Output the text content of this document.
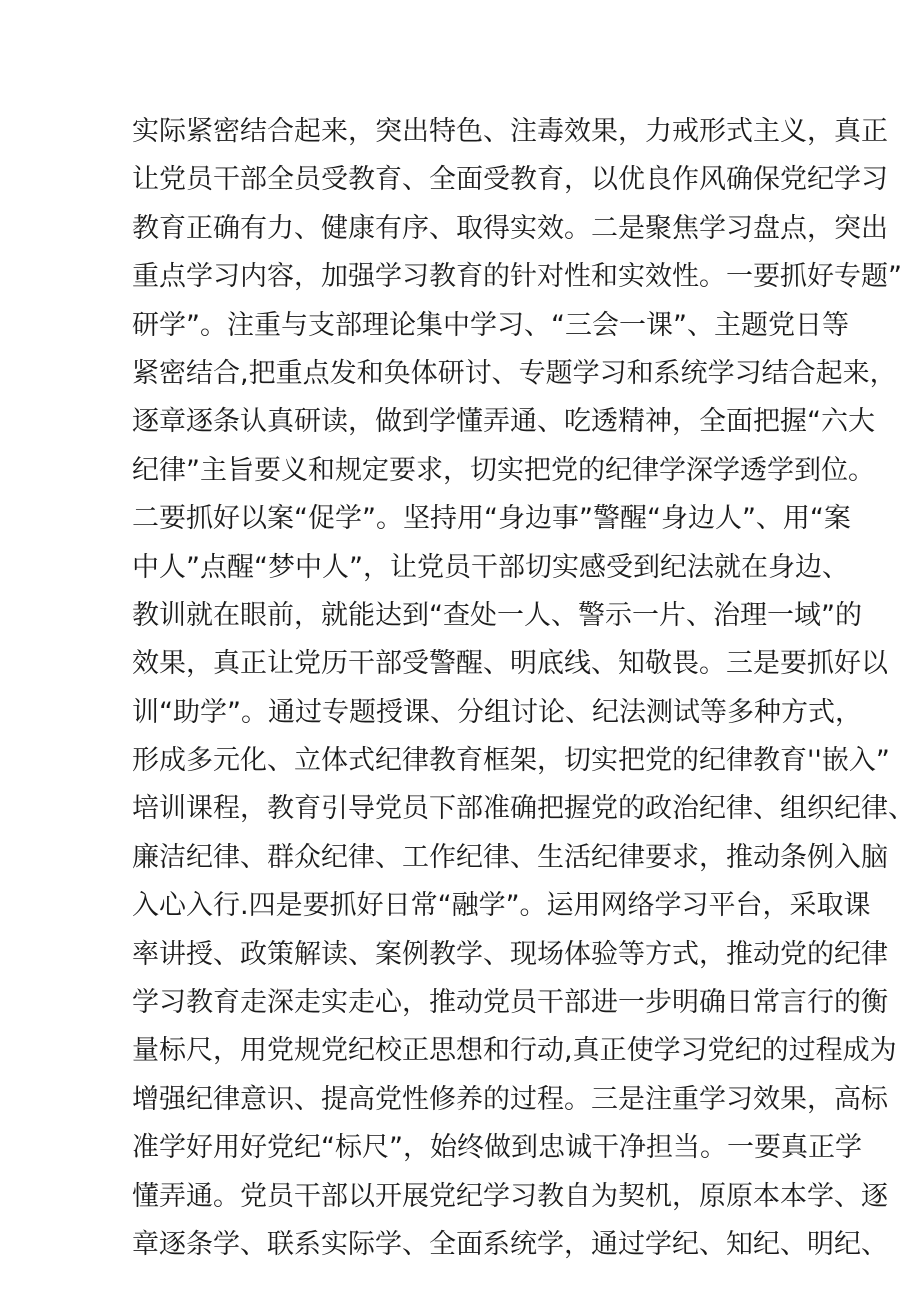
实际紧密结合起来，突出特色、注毒效果，力戒形式主义，真正
让党员干部全员受教育、全面受教育，以优良作风确保党纪学习
教育正确有力、健康有序、取得实效。二是聚焦学习盘点，突出
重点学习内容，加强学习教育的针对性和实效性。一要抓好专题”
研学”。注重与支部理论集中学习、“三会一课”、主题党日等
紧密结合,把重点发和奂体研讨、专题学习和系统学习结合起来，
逐章逐条认真研读，做到学懂弄通、吃透精神，全面把握“六大
纪律”主旨要义和规定要求，切实把党的纪律学深学透学到位。
二要抓好以案“促学”。坚持用“身边事”警醒“身边人”、用“案
中人”点醒“梦中人”，让党员干部切实感受到纪法就在身边、
教训就在眼前，就能达到“查处一人、警示一片、治理一域”的
效果，真正让党历干部受警醒、明底线、知敬畏。三是要抓好以
训“助学”。通过专题授课、分组讨论、纪法测试等多种方式，
形成多元化、立体式纪律教育框架，切实把党的纪律教育''嵌入”
培训课程，教育引导党员下部准确把握党的政治纪律、组织纪律、
廉洁纪律、群众纪律、工作纪律、生活纪律要求，推动条例入脑
入心入行.四是要抓好日常“融学”。运用网络学习平台，采取课
率讲授、政策解读、案例教学、现场体验等方式，推动党的纪律
学习教育走深走实走心，推动党员干部进一步明确日常言行的衡
量标尺，用党规党纪校正思想和行动,真正使学习党纪的过程成为
增强纪律意识、提高党性修养的过程。三是注重学习效果，高标
准学好用好党纪“标尺”，始终做到忠诚干净担当。一要真正学
懂弄通。党员干部以开展党纪学习教自为契机，原原本本学、逐
章逐条学、联系实际学、全面系统学，通过学纪、知纪、明纪、
